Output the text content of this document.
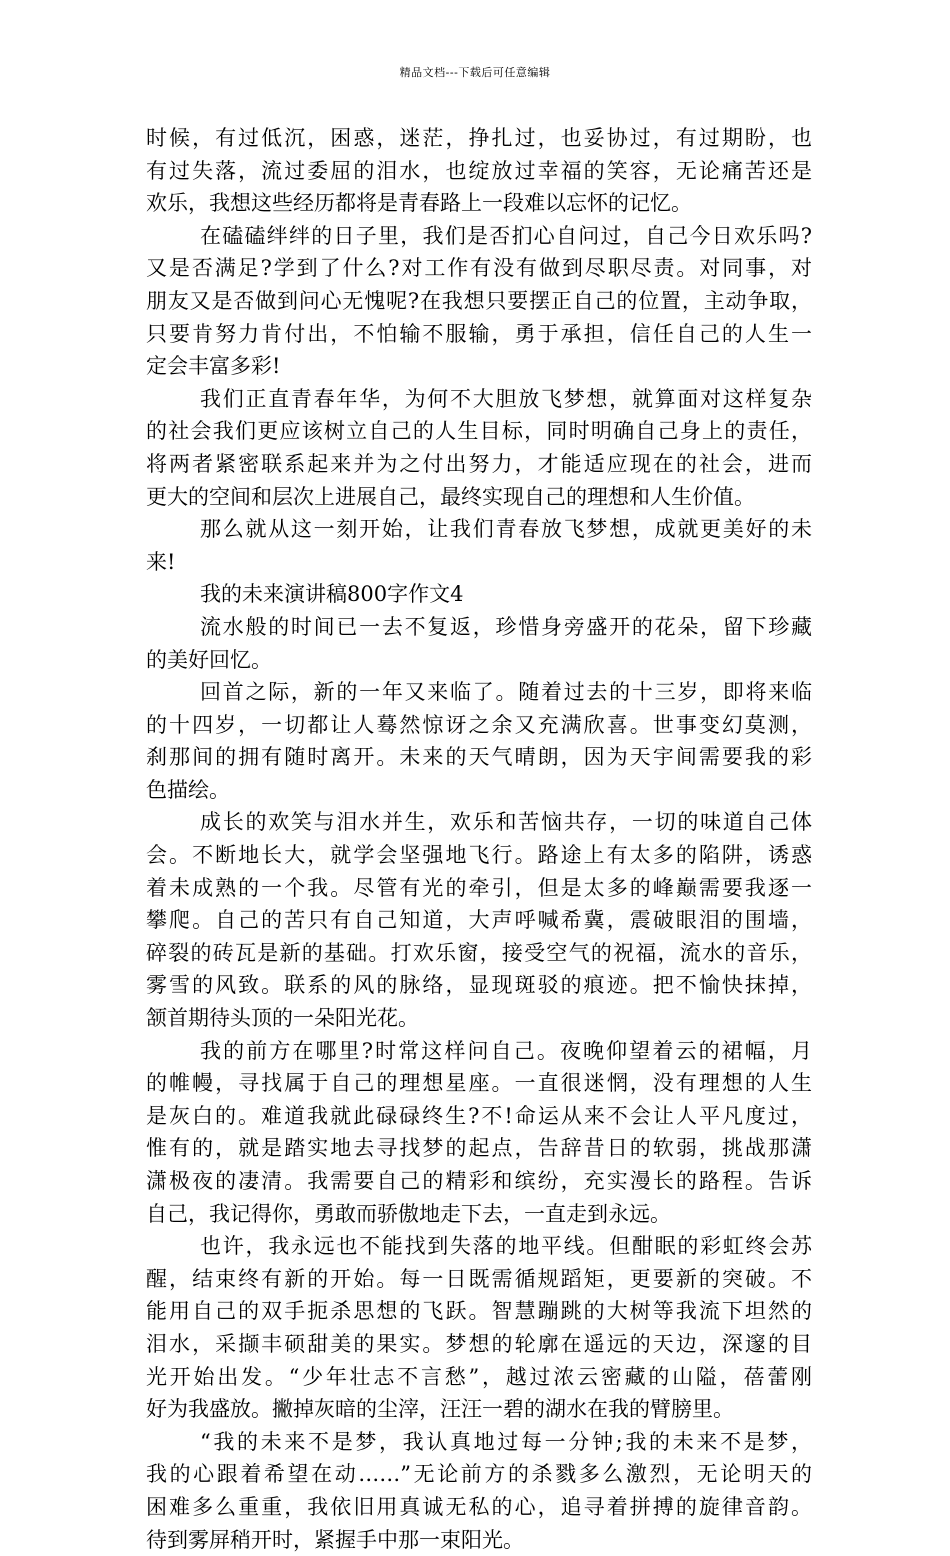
精品文档---下载后可任意编辑
时候，有过低沉，困惑，迷茫，挣扎过，也妥协过，有过期盼，也
有过失落，流过委屈的泪水，也绽放过幸福的笑容，无论痛苦还是
欢乐，我想这些经历都将是青春路上一段难以忘怀的记忆。
在磕磕绊绊的日子里，我们是否扪心自问过，自己今日欢乐吗?
又是否满足?学到了什么?对工作有没有做到尽职尽责。对同事，对
朋友又是否做到问心无愧呢?在我想只要摆正自己的位置，主动争取，
只要肯努力肯付出，不怕输不服输，勇于承担，信任自己的人生一
定会丰富多彩!
我们正直青春年华，为何不大胆放飞梦想，就算面对这样复杂
的社会我们更应该树立自己的人生目标，同时明确自己身上的责任，
将两者紧密联系起来并为之付出努力，才能适应现在的社会，进而
更大的空间和层次上进展自己，最终实现自己的理想和人生价值。
那么就从这一刻开始，让我们青春放飞梦想，成就更美好的未
来!
我的未来演讲稿800字作文4
流水般的时间已一去不复返，珍惜身旁盛开的花朵，留下珍藏
的美好回忆。
回首之际，新的一年又来临了。随着过去的十三岁，即将来临
的十四岁，一切都让人蓦然惊讶之余又充满欣喜。世事变幻莫测，
刹那间的拥有随时离开。未来的天气晴朗，因为天宇间需要我的彩
色描绘。
成长的欢笑与泪水并生，欢乐和苦恼共存，一切的味道自己体
会。不断地长大，就学会坚强地飞行。路途上有太多的陷阱，诱惑
着未成熟的一个我。尽管有光的牵引，但是太多的峰巅需要我逐一
攀爬。自己的苦只有自己知道，大声呼喊希冀，震破眼泪的围墙，
碎裂的砖瓦是新的基础。打欢乐窗，接受空气的祝福，流水的音乐，
雾雪的风致。联系的风的脉络，显现斑驳的痕迹。把不愉快抹掉，
颔首期待头顶的一朵阳光花。
我的前方在哪里?时常这样问自己。夜晚仰望着云的裙幅，月
的帷幔，寻找属于自己的理想星座。一直很迷惘，没有理想的人生
是灰白的。难道我就此碌碌终生?不!命运从来不会让人平凡度过，
惟有的，就是踏实地去寻找梦的起点，告辞昔日的软弱，挑战那潇
潇极夜的凄清。我需要自己的精彩和缤纷，充实漫长的路程。告诉
自己，我记得你，勇敢而骄傲地走下去，一直走到永远。
也许，我永远也不能找到失落的地平线。但酣眠的彩虹终会苏
醒，结束终有新的开始。每一日既需循规蹈矩，更要新的突破。不
能用自己的双手扼杀思想的飞跃。智慧蹦跳的大树等我流下坦然的
泪水，采撷丰硕甜美的果实。梦想的轮廓在遥远的天边，深邃的目
光开始出发。“少年壮志不言愁”，越过浓云密藏的山隘，蓓蕾刚
好为我盛放。撇掉灰暗的尘滓，汪汪一碧的湖水在我的臂膀里。
“我的未来不是梦，我认真地过每一分钟;我的未来不是梦，
我的心跟着希望在动……”无论前方的杀戮多么激烈，无论明天的
困难多么重重，我依旧用真诚无私的心，追寻着拼搏的旋律音韵。
待到雾屏稍开时，紧握手中那一束阳光。
